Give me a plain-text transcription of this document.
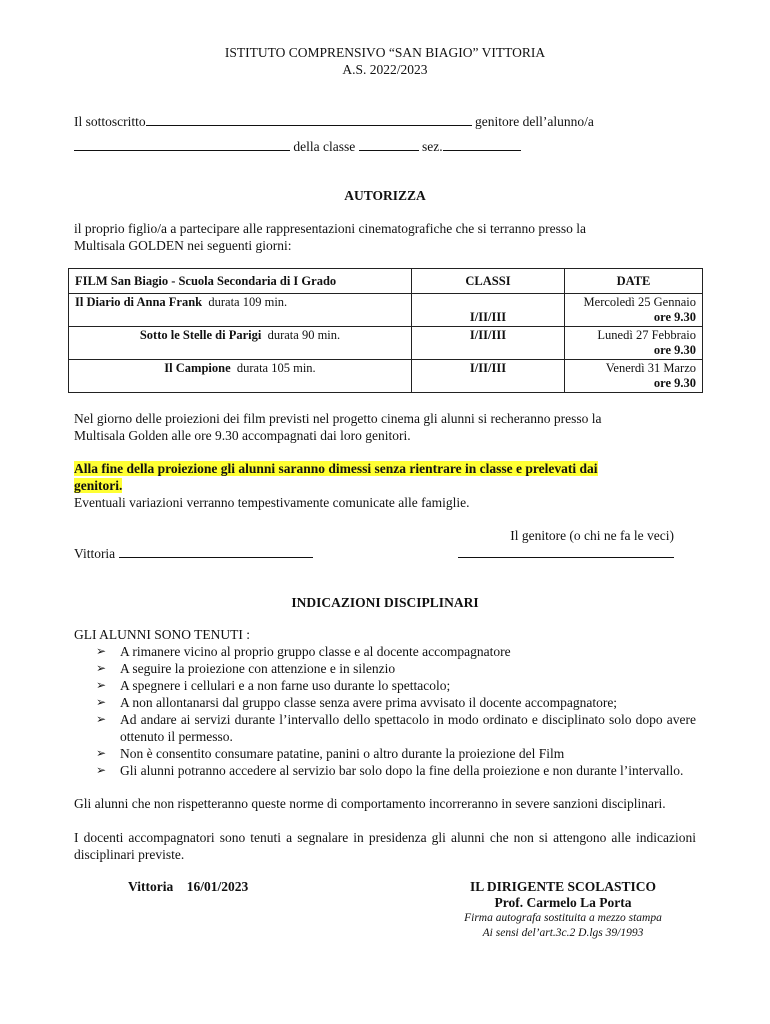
ISTITUTO COMPRENSIVO “SAN BIAGIO” VITTORIA
A.S. 2022/2023
Il sottoscritto	genitore dell’alunno/a
della classe	sez.
AUTORIZZA
il proprio figlio/a a partecipare alle rappresentazioni cinematografiche che si terranno presso la
Multisala GOLDEN nei seguenti giorni:
FILM San Biagio - Scuola Secondaria di I Grado	CLASSI	DATE
Il Diario di Anna Frank durata 109 min.	I/II/III	Mercoledì 25 Gennaio
ore 9.30

Sotto le Stelle di Parigi durata 90 min.	I/II/III	Lunedì 27 Febbraio
ore 9.30

Il Campione durata 105 min.	I/II/III	Venerdì 31 Marzo
ore 9.30
Nel giorno delle proiezioni dei film previsti nel progetto cinema gli alunni si recheranno presso la
Multisala Golden alle ore 9.30 accompagnati dai loro genitori.
Alla fine della proiezione gli alunni saranno dimessi senza rientrare in classe e prelevati dai
genitori.
Eventuali variazioni verranno tempestivamente comunicate alle famiglie.
Il genitore (o chi ne fa le veci)
Vittoria
INDICAZIONI DISCIPLINARI
GLI ALUNNI SONO TENUTI :
➢ A rimanere vicino al proprio gruppo classe e al docente accompagnatore
➢ A seguire la proiezione con attenzione e in silenzio
➢ A spegnere i cellulari e a non farne uso durante lo spettacolo;
➢ A non allontanarsi dal gruppo classe senza avere prima avvisato il docente accompagnatore;
➢ Ad andare ai servizi durante l’intervallo dello spettacolo in modo ordinato e disciplinato solo dopo avere ottenuto il permesso.
➢ Non è consentito consumare patatine, panini o altro durante la proiezione del Film
➢ Gli alunni potranno accedere al servizio bar solo dopo la fine della proiezione e non durante l’intervallo.
Gli alunni che non rispetteranno queste norme di comportamento incorreranno in severe sanzioni disciplinari.
I docenti accompagnatori sono tenuti a segnalare in presidenza gli alunni che non si attengono alle indicazioni disciplinari previste.
Vittoria    16/01/2023	IL DIRIGENTE SCOLASTICO
Prof. Carmelo La Porta
Firma autografa sostituita a mezzo stampa
Ai sensi del’art.3c.2 D.lgs 39/1993
